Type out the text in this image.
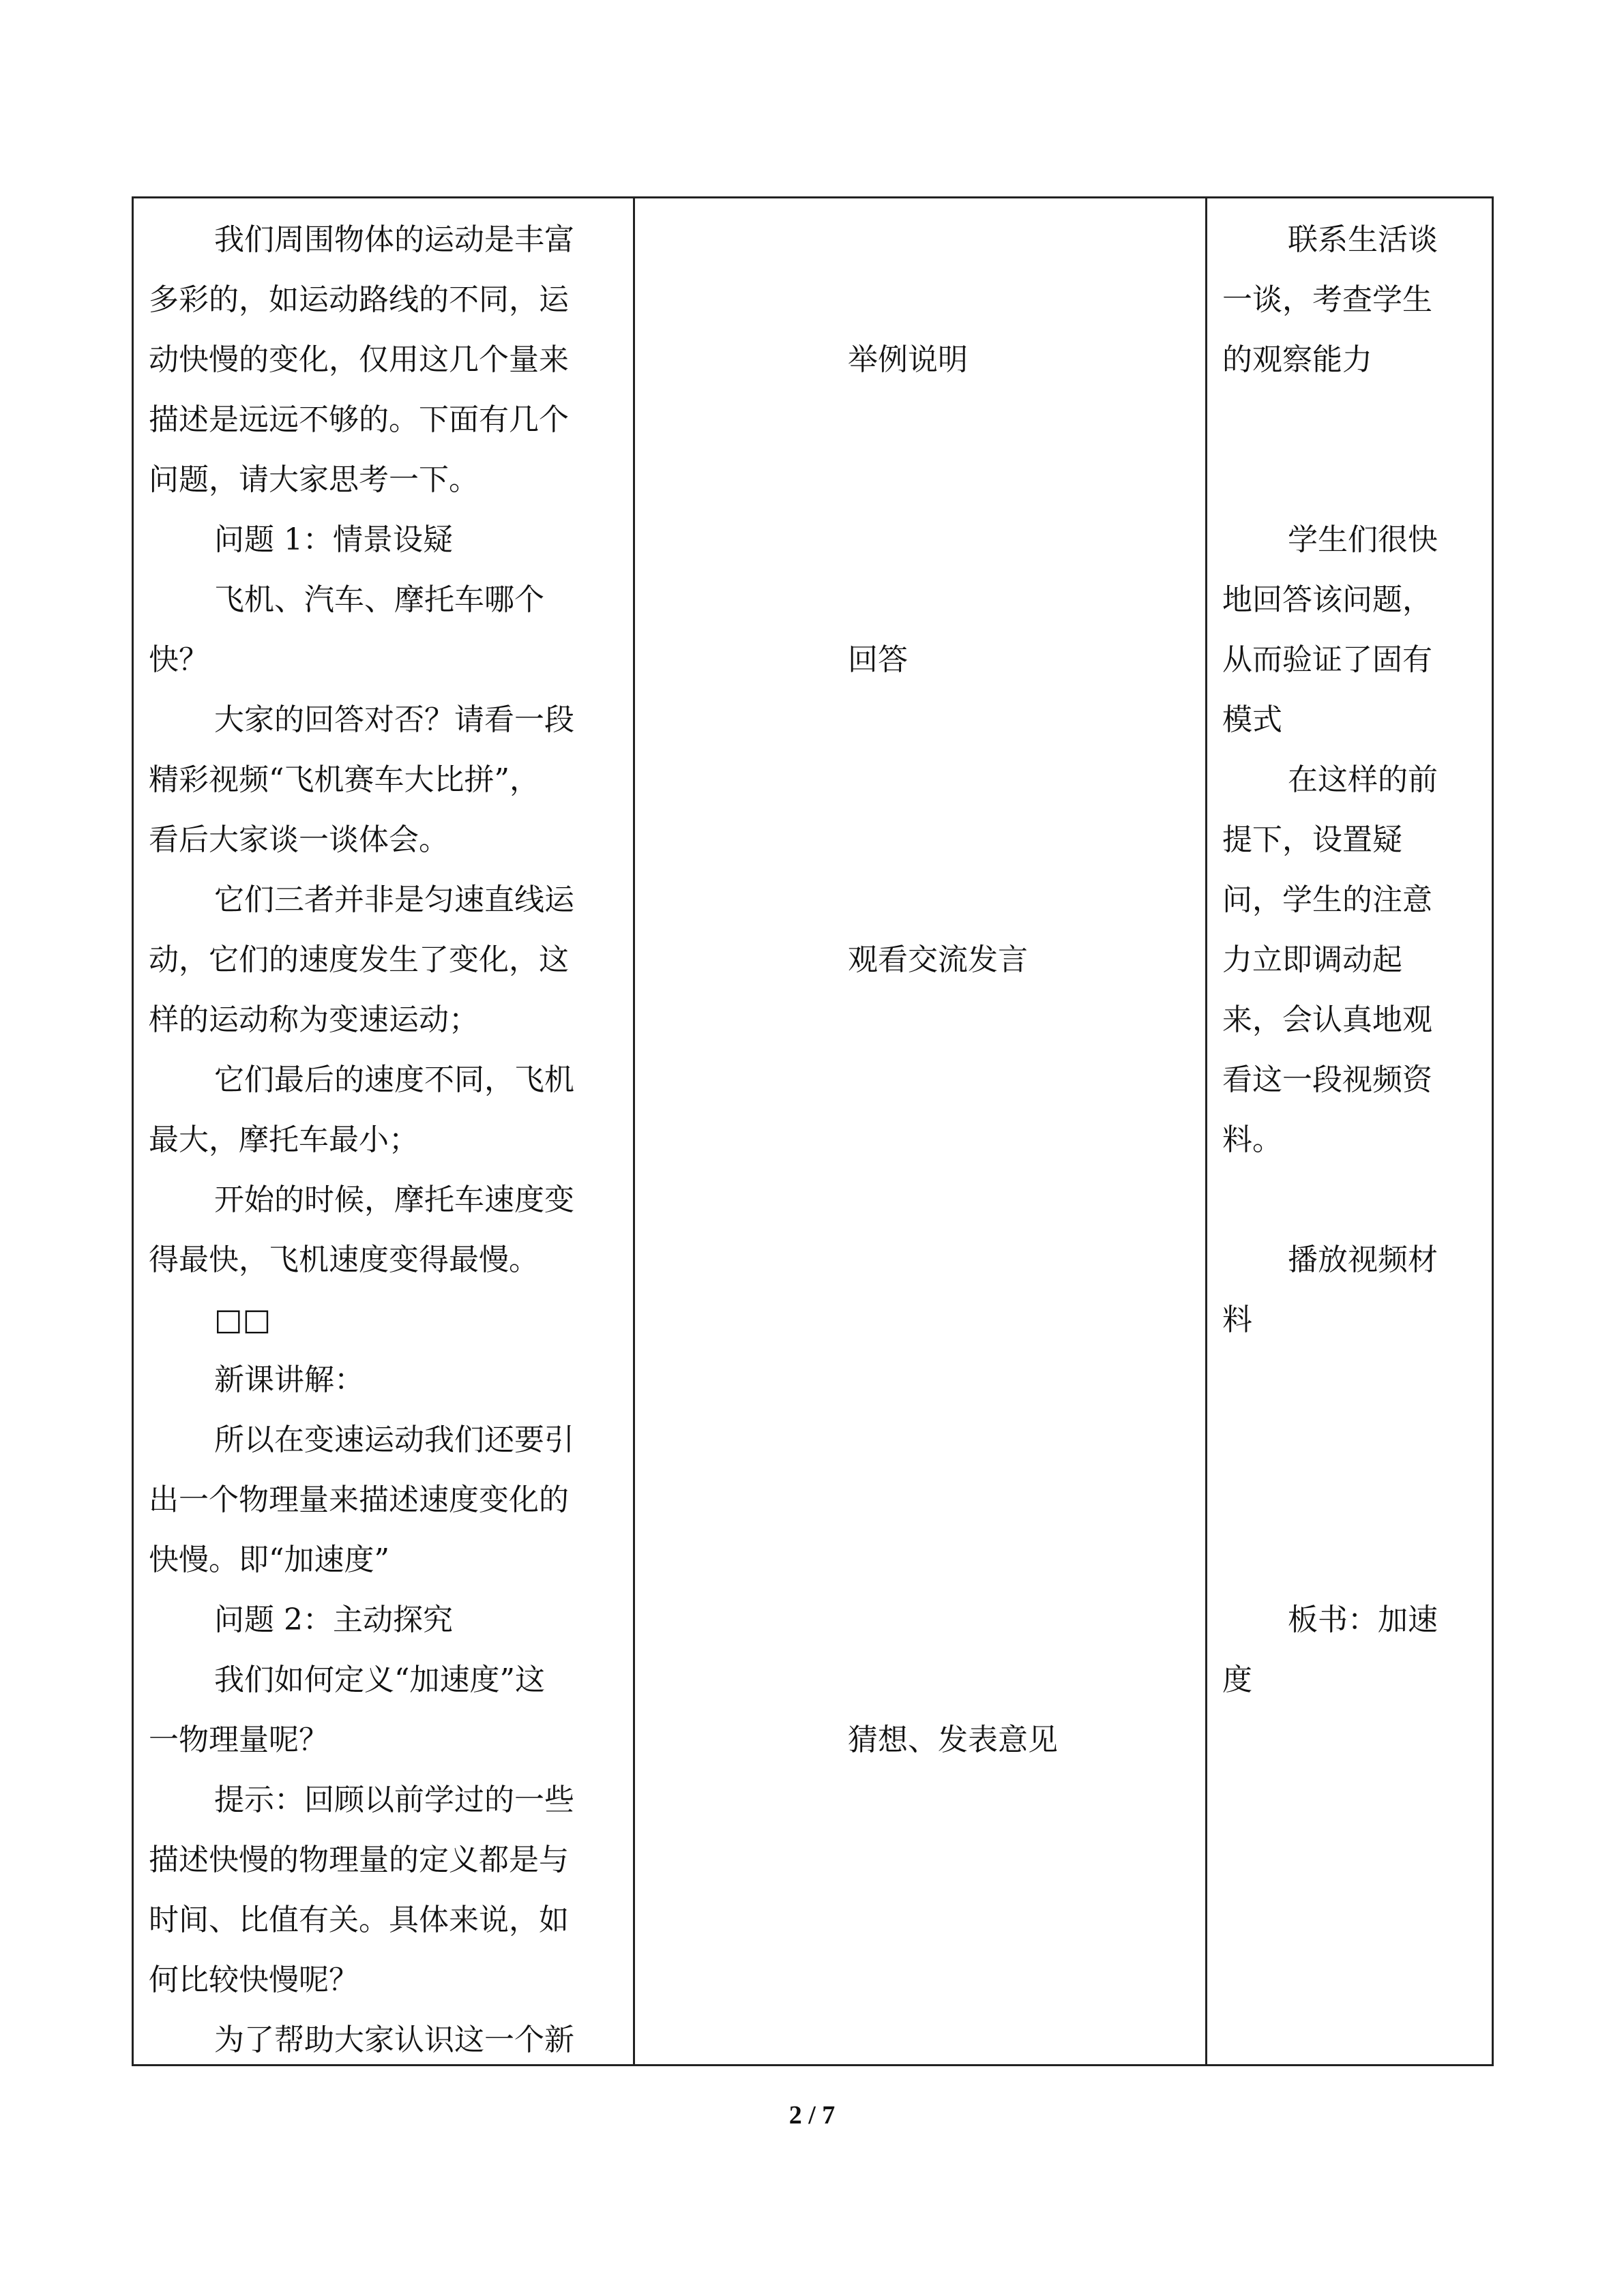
我们周围物体的运动是丰富
多彩的，如运动路线的不同，运
动快慢的变化，仅用这几个量来
描述是远远不够的。下面有几个
问题，请大家思考一下。
问题 1：情景设疑
飞机、汽车、摩托车哪个
快？
大家的回答对否？请看一段
精彩视频“飞机赛车大比拼”，
看后大家谈一谈体会。
它们三者并非是匀速直线运
动，它们的速度发生了变化，这
样的运动称为变速运动；
它们最后的速度不同，飞机
最大，摩托车最小；
开始的时候，摩托车速度变
得最快，飞机速度变得最慢。
□□
新课讲解：
所以在变速运动我们还要引
出一个物理量来描述速度变化的
快慢。即“加速度”
问题 2：主动探究
我们如何定义“加速度”这
一物理量呢？
提示：回顾以前学过的一些
描述快慢的物理量的定义都是与
时间、比值有关。具体来说，如
何比较快慢呢？
为了帮助大家认识这一个新
举例说明
回答
观看交流发言
猜想、发表意见
联系生活谈
一谈，考查学生
的观察能力
学生们很快
地回答该问题，
从而验证了固有
模式
在这样的前
提下，设置疑
问，学生的注意
力立即调动起
来，会认真地观
看这一段视频资
料。
播放视频材
料
板书：加速
度
2 / 7
